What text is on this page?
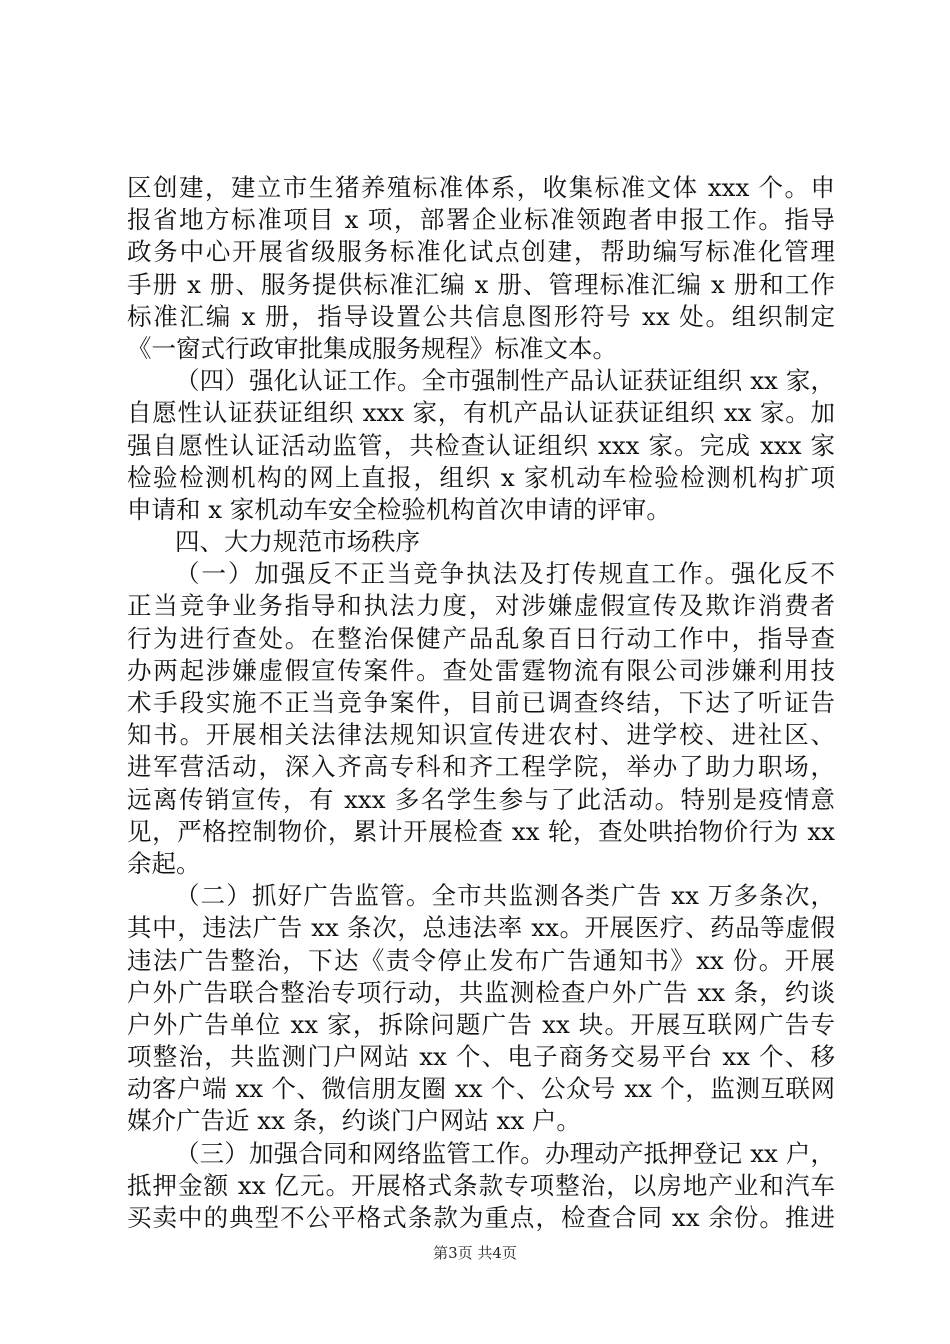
区创建，建立市生猪养殖标准体系，收集标准文体 xxx 个。申
报省地方标准项目 x 项，部署企业标准领跑者申报工作。指导
政务中心开展省级服务标准化试点创建，帮助编写标准化管理
手册 x 册、服务提供标准汇编 x 册、管理标准汇编 x 册和工作
标准汇编 x 册，指导设置公共信息图形符号 xx 处。组织制定
《一窗式行政审批集成服务规程》标准文本。
（四）强化认证工作。全市强制性产品认证获证组织 xx 家，
自愿性认证获证组织 xxx 家，有机产品认证获证组织 xx 家。加
强自愿性认证活动监管，共检查认证组织 xxx 家。完成 xxx 家
检验检测机构的网上直报，组织 x 家机动车检验检测机构扩项
申请和 x 家机动车安全检验机构首次申请的评审。
四、大力规范市场秩序
（一）加强反不正当竞争执法及打传规直工作。强化反不
正当竞争业务指导和执法力度，对涉嫌虚假宣传及欺诈消费者
行为进行查处。在整治保健产品乱象百日行动工作中，指导查
办两起涉嫌虚假宣传案件。查处雷霆物流有限公司涉嫌利用技
术手段实施不正当竞争案件，目前已调查终结，下达了听证告
知书。开展相关法律法规知识宣传进农村、进学校、进社区、
进军营活动，深入齐高专科和齐工程学院，举办了助力职场，
远离传销宣传，有 xxx 多名学生参与了此活动。特别是疫情意
见，严格控制物价，累计开展检查 xx 轮，查处哄抬物价行为 xx
余起。
（二）抓好广告监管。全市共监测各类广告 xx 万多条次，
其中，违法广告 xx 条次，总违法率 xx。开展医疗、药品等虚假
违法广告整治，下达《责令停止发布广告通知书》xx 份。开展
户外广告联合整治专项行动，共监测检查户外广告 xx 条，约谈
户外广告单位 xx 家，拆除问题广告 xx 块。开展互联网广告专
项整治，共监测门户网站 xx 个、电子商务交易平台 xx 个、移
动客户端 xx 个、微信朋友圈 xx 个、公众号 xx 个，监测互联网
媒介广告近 xx 条，约谈门户网站 xx 户。
（三）加强合同和网络监管工作。办理动产抵押登记 xx 户，
抵押金额 xx 亿元。开展格式条款专项整治，以房地产业和汽车
买卖中的典型不公平格式条款为重点，检查合同 xx 余份。推进
第3页 共4页
